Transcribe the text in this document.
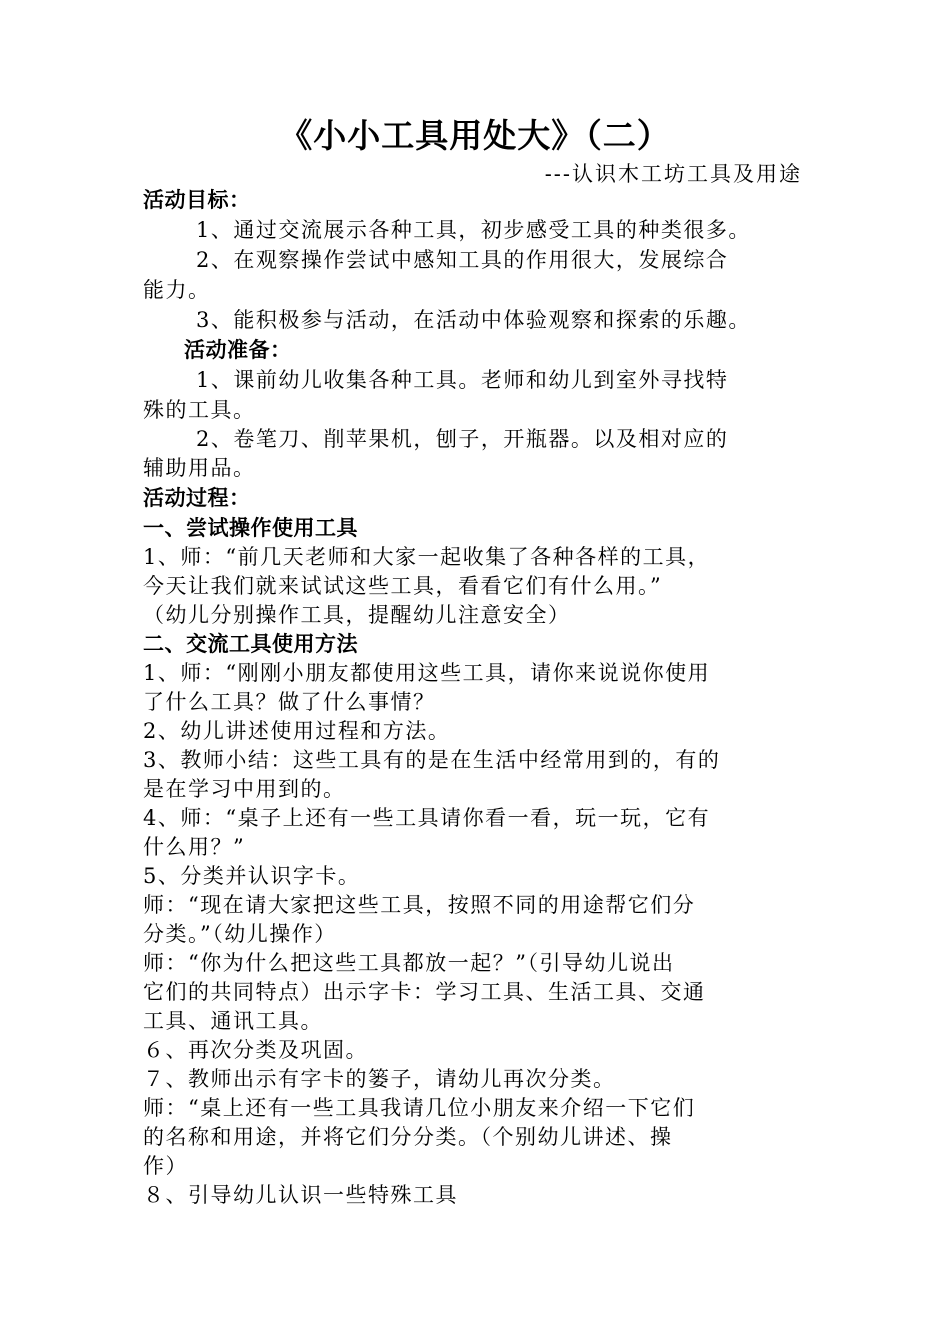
《小小工具用处大》（二）
---认识木工坊工具及用途
活动目标：
1、通过交流展示各种工具，初步感受工具的种类很多。
2、在观察操作尝试中感知工具的作用很大，发展综合
能力。
3、能积极参与活动，在活动中体验观察和探索的乐趣。
活动准备：
1、课前幼儿收集各种工具。老师和幼儿到室外寻找特
殊的工具。
2、卷笔刀、削苹果机，刨子，开瓶器。以及相对应的
辅助用品。
活动过程：
一、尝试操作使用工具
1、师：“前几天老师和大家一起收集了各种各样的工具，
今天让我们就来试试这些工具，看看它们有什么用。”
（幼儿分别操作工具，提醒幼儿注意安全）
二、交流工具使用方法
1、师：“刚刚小朋友都使用这些工具，请你来说说你使用
了什么工具？做了什么事情？
2、幼儿讲述使用过程和方法。
3、教师小结：这些工具有的是在生活中经常用到的，有的
是在学习中用到的。
4、师：“桌子上还有一些工具请你看一看，玩一玩，它有
什么用？”
5、分类并认识字卡。
师：“现在请大家把这些工具，按照不同的用途帮它们分
分类。”（幼儿操作）
师：“你为什么把这些工具都放一起？”（引导幼儿说出
它们的共同特点）出示字卡：学习工具、生活工具、交通
工具、通讯工具。
６、再次分类及巩固。
７、教师出示有字卡的篓子，请幼儿再次分类。
师：“桌上还有一些工具我请几位小朋友来介绍一下它们
的名称和用途，并将它们分分类。（个别幼儿讲述、操
作）
８、引导幼儿认识一些特殊工具
